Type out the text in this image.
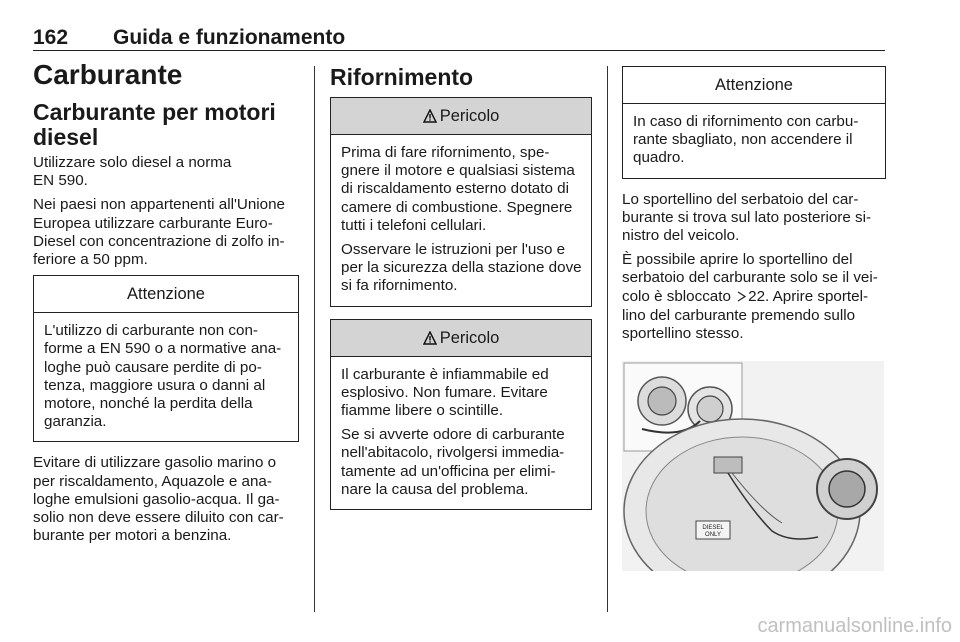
162 Guida e funzionamento
Carburante
Carburante per motori diesel

Utilizzare solo diesel a norma EN 590.

Nei paesi non appartenenti all'Unione Europea utilizzare carburante Euro-Diesel con concentrazione di zolfo in-feriore a 50 ppm.

Attenzione

L'utilizzo di carburante non con-forme a EN 590 o a normative ana-loghe può causare perdite di po-tenza, maggiore usura o danni al motore, nonché la perdita della garanzia.

Evitare di utilizzare gasolio marino o per riscaldamento, Aquazole e ana-loghe emulsioni gasolio-acqua. Il ga-solio non deve essere diluito con car-burante per motori a benzina.

Rifornimento
Pericolo

Prima di fare rifornimento, spe-gnere il motore e qualsiasi sistema di riscaldamento esterno dotato di camere di combustione. Spegnere tutti i telefoni cellulari.

Osservare le istruzioni per l'uso e per la sicurezza della stazione dove si fa rifornimento.

Pericolo

Il carburante è infiammabile ed esplosivo. Non fumare. Evitare fiamme libere o scintille.

Se si avverte odore di carburante nell'abitacolo, rivolgersi immedia-tamente ad un'officina per elimi-nare la causa del problema.

Attenzione

In caso di rifornimento con carbu-rante sbagliato, non accendere il quadro.

Lo sportellino del serbatoio del car-burante si trova sul lato posteriore si-nistro del veicolo.

È possibile aprire lo sportellino del serbatoio del carburante solo se il vei-colo è sbloccato 22. Aprire sportel-lino del carburante premendo sullo sportellino stesso.

DIESEL
ONLY
carmanualsonline.info
